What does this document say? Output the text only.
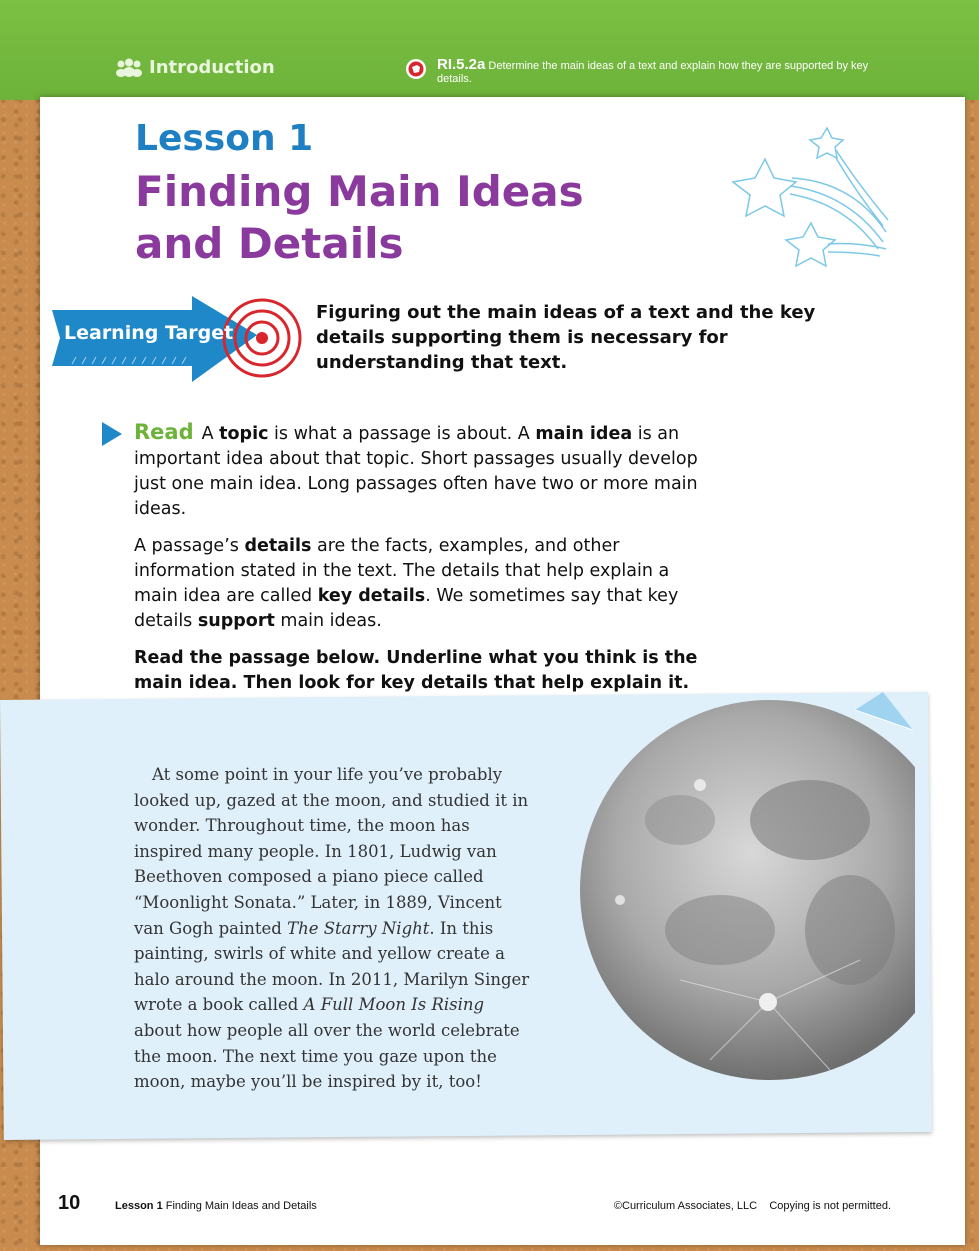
Introduction	RI.5.2a Determine the main ideas of a text and explain how they are supported by key details.
Lesson 1
Finding Main Ideas and Details
Learning Target
Figuring out the main ideas of a text and the key details supporting them is necessary for understanding that text.

Read A topic is what a passage is about. A main idea is an important idea about that topic. Short passages usually develop just one main idea. Long passages often have two or more main ideas.

A passage’s details are the facts, examples, and other information stated in the text. The details that help explain a main idea are called key details. We sometimes say that key details support main ideas.

Read the passage below. Underline what you think is the main idea. Then look for key details that help explain it.

At some point in your life you’ve probably looked up, gazed at the moon, and studied it in wonder. Throughout time, the moon has inspired many people. In 1801, Ludwig van Beethoven composed a piano piece called “Moonlight Sonata.” Later, in 1889, Vincent van Gogh painted The Starry Night. In this painting, swirls of white and yellow create a halo around the moon. In 2011, Marilyn Singer wrote a book called A Full Moon Is Rising about how people all over the world celebrate the moon. The next time you gaze upon the moon, maybe you’ll be inspired by it, too!
10	Lesson 1 Finding Main Ideas and Details	©Curriculum Associates, LLC    Copying is not permitted.
